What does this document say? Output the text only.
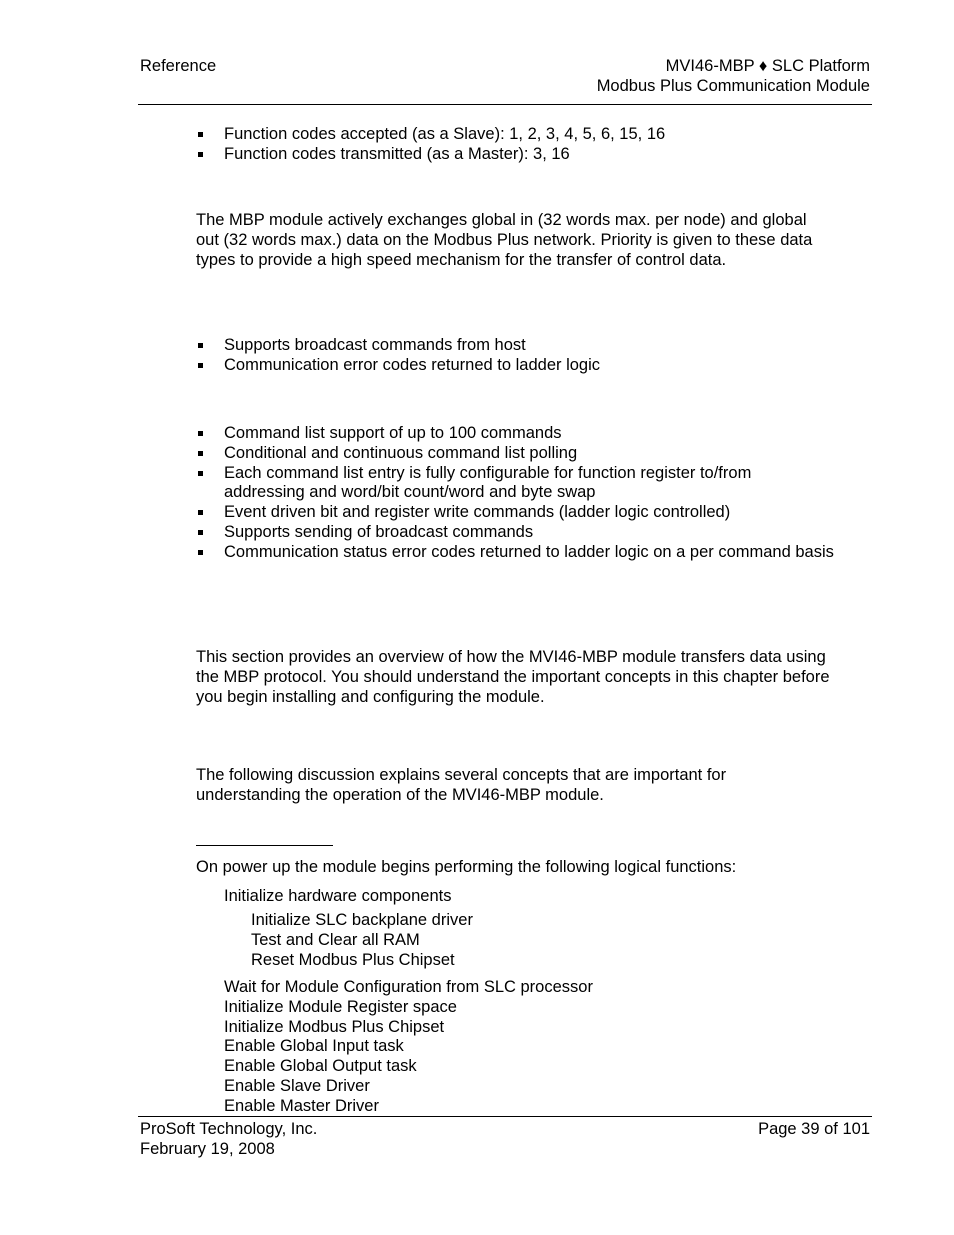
Reference	MVI46-MBP ♦ SLC Platform
Modbus Plus Communication Module
Function codes accepted (as a Slave): 1, 2, 3, 4, 5, 6, 15, 16
Function codes transmitted (as a Master): 3, 16
The MBP module actively exchanges global in (32 words max. per node) and global out (32 words max.) data on the Modbus Plus network. Priority is given to these data types to provide a high speed mechanism for the transfer of control data.
Supports broadcast commands from host
Communication error codes returned to ladder logic
Command list support of up to 100 commands
Conditional and continuous command list polling
Each command list entry is fully configurable for function register to/from addressing and word/bit count/word and byte swap
Event driven bit and register write commands (ladder logic controlled)
Supports sending of broadcast commands
Communication status error codes returned to ladder logic on a per command basis
This section provides an overview of how the MVI46-MBP module transfers data using the MBP protocol. You should understand the important concepts in this chapter before you begin installing and configuring the module.
The following discussion explains several concepts that are important for understanding the operation of the MVI46-MBP module.
On power up the module begins performing the following logical functions:
Initialize hardware components
Initialize SLC backplane driver
Test and Clear all RAM
Reset Modbus Plus Chipset
Wait for Module Configuration from SLC processor
Initialize Module Register space
Initialize Modbus Plus Chipset
Enable Global Input task
Enable Global Output task
Enable Slave Driver
Enable Master Driver
ProSoft Technology, Inc.
February 19, 2008
Page 39 of 101
